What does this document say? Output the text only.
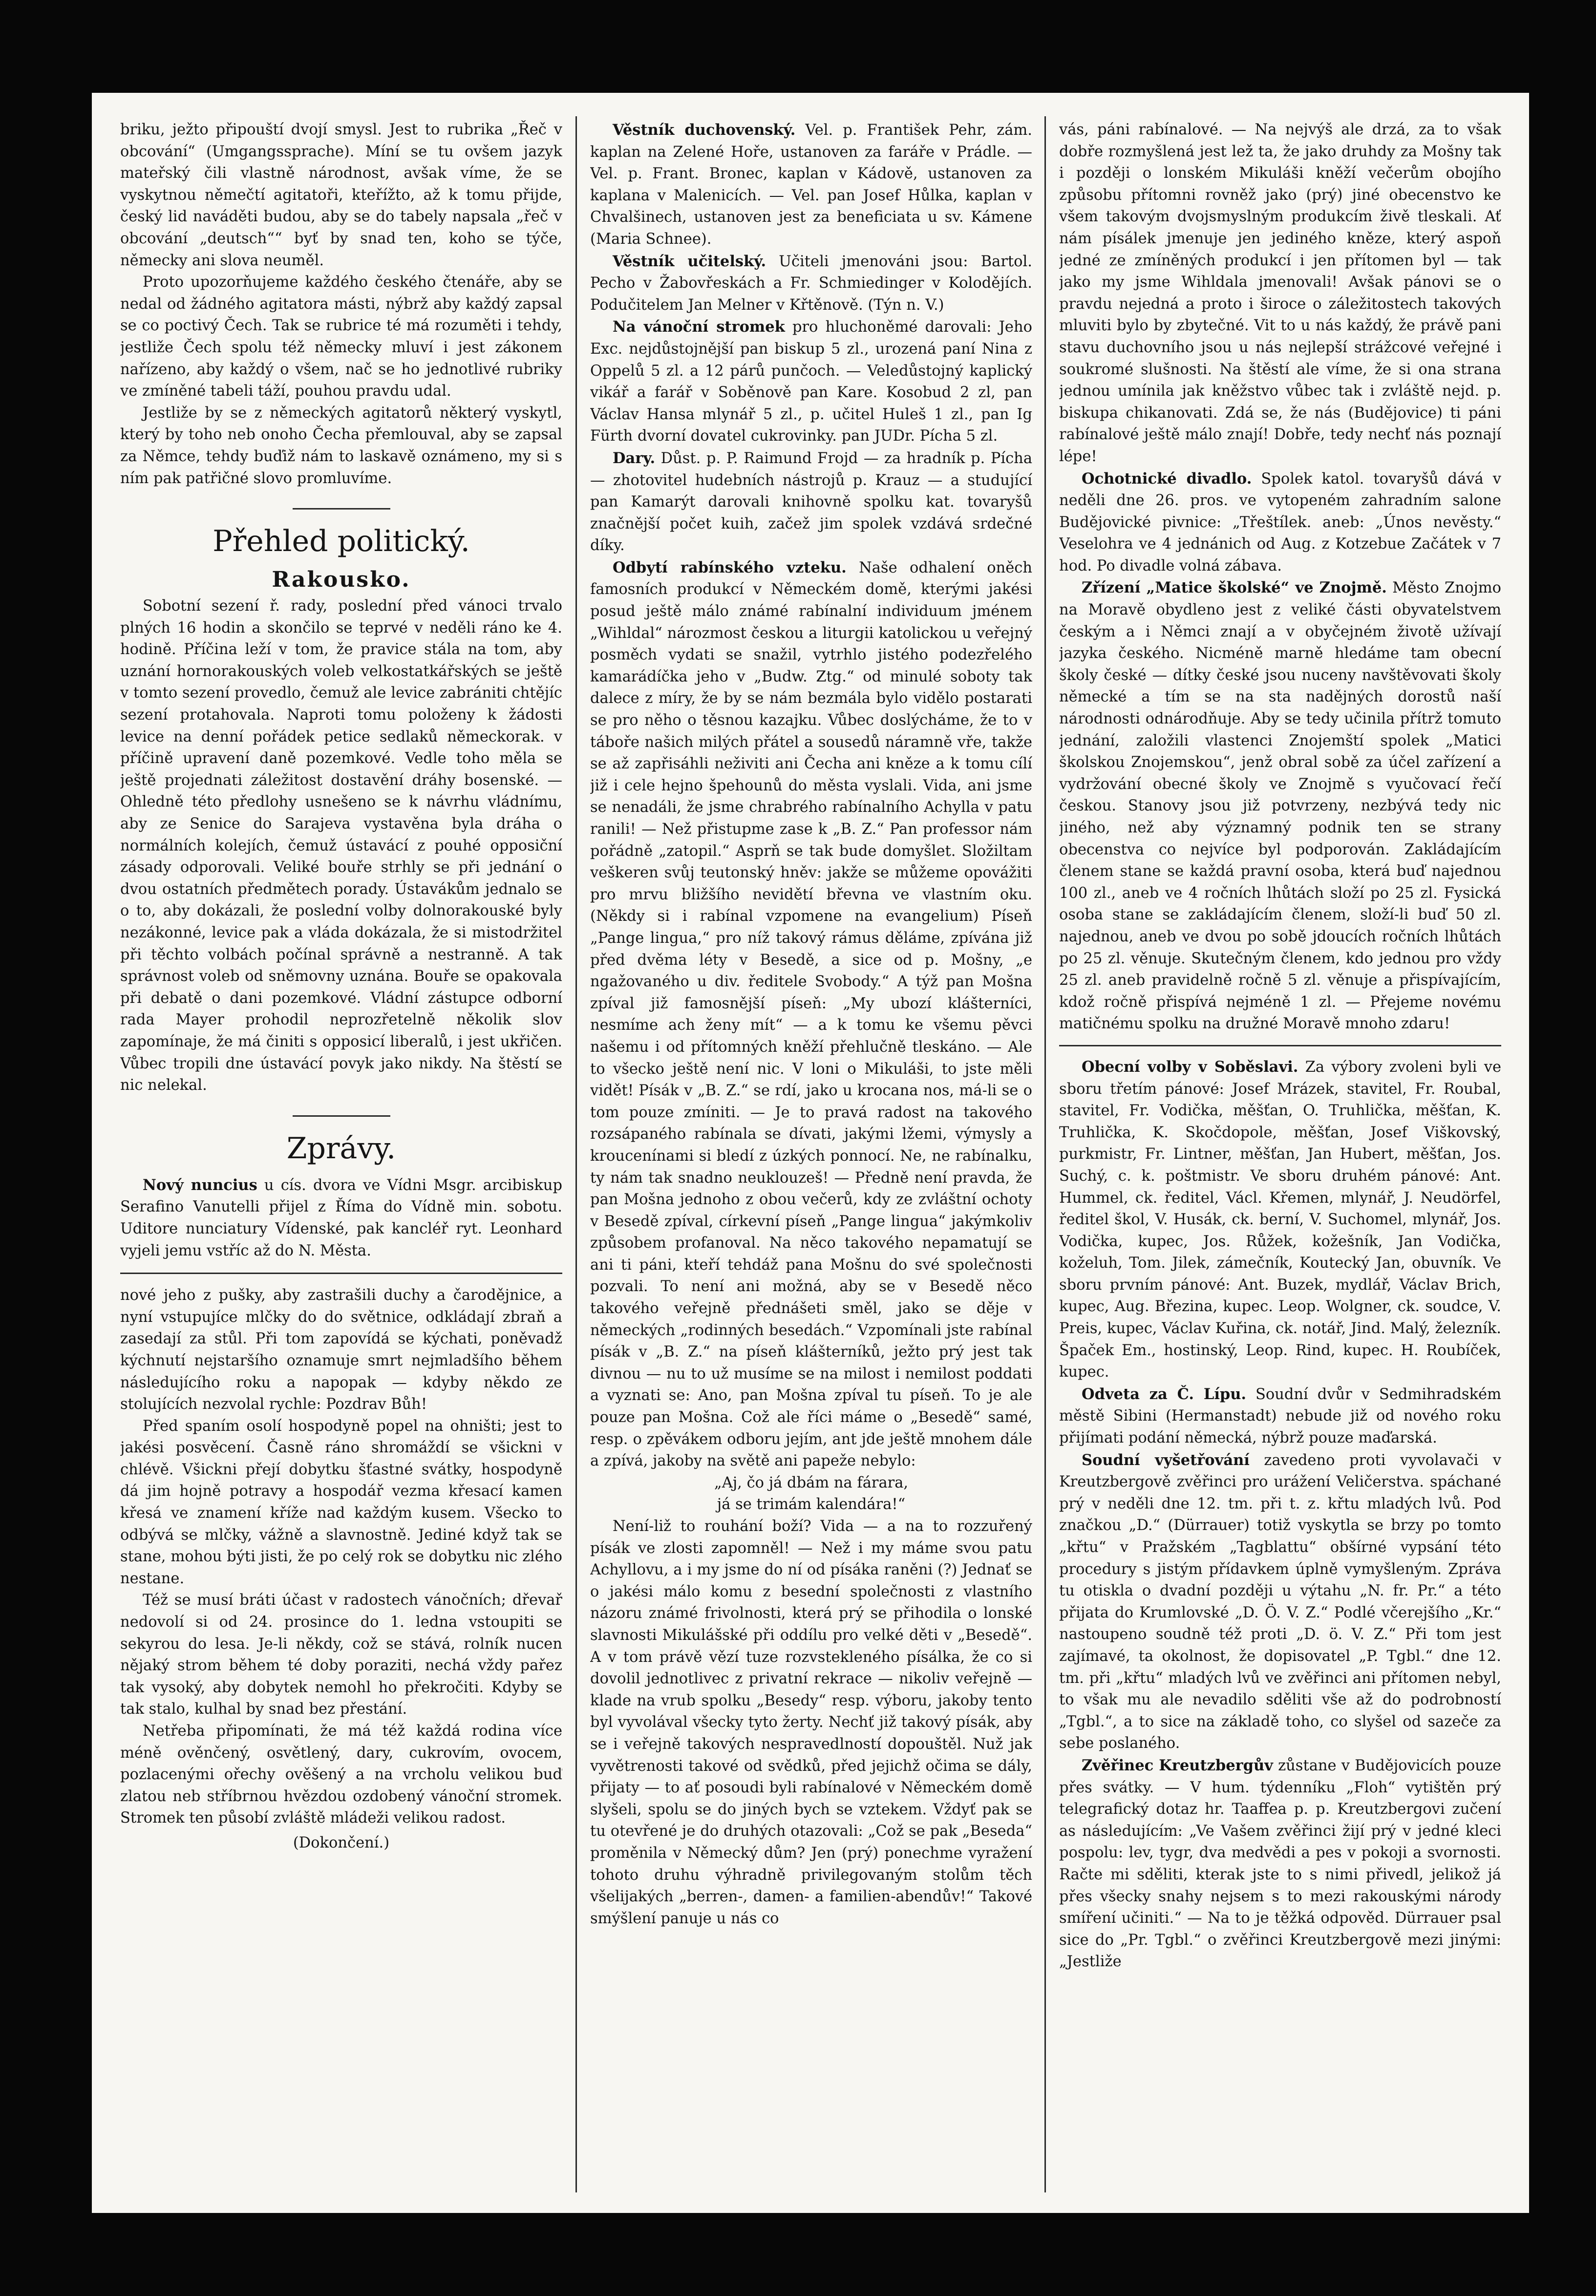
briku, ježto připouští dvojí smysl. Jest to rubrika „Řeč v obcování“ (Umgangssprache). Míní se tu ovšem jazyk mateřský čili vlastně národnost, avšak víme, že se vyskytnou němečtí agitatoři, kteřížto, až k tomu přijde, český lid naváděti budou, aby se do tabely napsala „řeč v obcování „deutsch““ byť by snad ten, koho se týče, německy ani slova neuměl.

Proto upozorňujeme každého českého čtenáře, aby se nedal od žádného agitatora másti, nýbrž aby každý zapsal se co poctivý Čech. Tak se rubrice té má rozuměti i tehdy, jestliže Čech spolu též německy mluví i jest zákonem nařízeno, aby každý o všem, nač se ho jednotlivé rubriky ve zmíněné tabeli táží, pouhou pravdu udal.

Jestliže by se z německých agitatorů některý vyskytl, který by toho neb onoho Čecha přemlouval, aby se zapsal za Němce, tehdy buďiž nám to laskavě oznámeno, my si s ním pak patřičné slovo promluvíme.

Přehled politický.
Rakousko.

Sobotní sezení ř. rady, poslední před vánoci trvalo plných 16 hodin a skončilo se teprvé v neděli ráno ke 4. hodině. Příčina leží v tom, že pravice stála na tom, aby uznání hornorakouských voleb velkostatkářských se ještě v tomto sezení provedlo, čemuž ale levice zabrániti chtějíc sezení protahovala. Naproti tomu položeny k žádosti levice na denní pořádek petice sedlaků německorak. v příčině upravení daně pozemkové. Vedle toho měla se ještě projednati záležitost dostavění dráhy bosenské. — Ohledně této předlohy usnešeno se k návrhu vládnímu, aby ze Senice do Sarajeva vystavěna byla dráha o normálních kolejích, čemuž ústavácí z pouhé opposiční zásady odporovali. Veliké bouře strhly se při jednání o dvou ostatních předmětech porady. Ústavákům jednalo se o to, aby dokázali, že poslední volby dolnorakouské byly nezákonné, levice pak a vláda dokázala, že si mistodržitel při těchto volbách počínal správně a nestranně. A tak správnost voleb od sněmovny uznána. Bouře se opakovala při debatě o dani pozemkové. Vládní zástupce odborní rada Mayer prohodil neprozřetelně několik slov zapomínaje, že má činiti s opposicí liberalů, i jest ukřičen. Vůbec tropili dne ústavácí povyk jako nikdy. Na štěstí se nic nelekal.

Zprávy.

Nový nuncius u cís. dvora ve Vídni Msgr. arcibiskup Serafino Vanutelli přijel z Říma do Vídně min. sobotu. Uditore nunciatury Vídenské, pak kancléř ryt. Leonhard vyjeli jemu vstříc až do N. Města.

nové jeho z pušky, aby zastrašili duchy a čarodějnice, a nyní vstupujíce mlčky do do světnice, odkládají zbraň a zasedají za stůl. Při tom zapovídá se kýchati, poněvadž kýchnutí nejstaršího oznamuje smrt nejmladšího během následujícího roku a napopak — kdyby někdo ze stolujících nezvolal rychle: Pozdrav Bůh!

Před spaním osolí hospodyně popel na ohništi; jest to jakési posvěcení. Časně ráno shromáždí se všickni v chlévě. Všickni přejí dobytku šťastné svátky, hospodyně dá jim hojně potravy a hospodář vezma křesací kamen křesá ve znamení kříže nad každým kusem. Všecko to odbývá se mlčky, vážně a slavnostně. Jediné když tak se stane, mohou býti jisti, že po celý rok se dobytku nic zlého nestane.

Též se musí bráti účast v radostech vánočních; dřevař nedovolí si od 24. prosince do 1. ledna vstoupiti se sekyrou do lesa. Je-li někdy, což se stává, rolník nucen nějaký strom během té doby poraziti, nechá vždy pařez tak vysoký, aby dobytek nemohl ho překročiti. Kdyby se tak stalo, kulhal by snad bez přestání.

Netřeba připomínati, že má též každá rodina více méně ověnčený, osvětlený, dary, cukrovím, ovocem, pozlacenými ořechy ověšený a na vrcholu velikou buď zlatou neb stříbrnou hvězdou ozdobený vánoční stromek. Stromek ten působí zvláště mládeži velikou radost.

(Dokončení.)

Věstník duchovenský. Vel. p. František Pehr, zám. kaplan na Zelené Hoře, ustanoven za faráře v Prádle. — Vel. p. Frant. Bronec, kaplan v Kádově, ustanoven za kaplana v Malenicích. — Vel. pan Josef Hůlka, kaplan v Chvalšinech, ustanoven jest za beneficiata u sv. Kámene (Maria Schnee).

Věstník učitelský. Učiteli jmenováni jsou: Bartol. Pecho v Žabovřeskách a Fr. Schmiedinger v Kolodějích. Podučitelem Jan Melner v Křtěnově. (Týn n. V.)

Na vánoční stromek pro hluchoněmé darovali: Jeho Exc. nejdůstojnější pan biskup 5 zl., urozená paní Nina z Oppelů 5 zl. a 12 párů punčoch. — Veledůstojný kaplický vikář a farář v Soběnově pan Kare. Kosobud 2 zl, pan Václav Hansa mlynář 5 zl., p. učitel Huleš 1 zl., pan Ig Fürth dvorní dovatel cukrovinky. pan JUDr. Pícha 5 zl.

Dary. Důst. p. P. Raimund Frojd — za hradník p. Pícha — zhotovitel hudebních nástrojů p. Krauz — a studující pan Kamarýt darovali knihovně spolku kat. tovaryšů značnější počet kuih, začež jim spolek vzdává srdečné díky.

Odbytí rabínského vzteku. Naše odhalení oněch famosních produkcí v Německém domě, kterými jakési posud ještě málo známé rabínalní individuum jménem „Wihldal“ nározmost českou a liturgii katolickou u veřejný posměch vydati se snažil, vytrhlo jistého podezřelého kamarádíčka jeho v „Budw. Ztg.“ od minulé soboty tak dalece z míry, že by se nám bezmála bylo vidělo postarati se pro něho o těsnou kazajku. Vůbec doslýcháme, že to v táboře našich milých přátel a sousedů náramně vře, takže se až zapřisáhli neživiti ani Čecha ani kněze a k tomu cílí již i cele hejno špehounů do města vyslali. Vida, ani jsme se nenadáli, že jsme chrabrého rabínalního Achylla v patu ranili! — Než přistupme zase k „B. Z.“ Pan professor nám pořádně „zatopil.“ Asprň se tak bude domyšlet. Složiltam veškeren svůj teutonský hněv: jakže se můžeme opovážiti pro mrvu bližšího nevidětí břevna ve vlastním oku. (Někdy si i rabínal vzpomene na evangelium) Píseň „Pange lingua,“ pro níž takový rámus děláme, zpívána již před dvěma léty v Besedě, a sice od p. Mošny, „e ngažovaného u div. ředitele Svobody.“ A týž pan Mošna zpíval již famosnější píseň: „My ubozí klášterníci, nesmíme ach ženy mít“ — a k tomu ke všemu pěvci našemu i od přítomných kněží přehlučně tleskáno. — Ale to všecko ještě není nic. V loni o Mikuláši, to jste měli vidět! Písák v „B. Z.“ se rdí, jako u krocana nos, má-li se o tom pouze zmíniti. — Je to pravá radost na takového rozsápaného rabínala se dívati, jakými lžemi, výmysly a kroucenínami si bledí z úzkých ponnocí. Ne, ne rabínalku, ty nám tak snadno neuklouzeš! — Předně není pravda, že pan Mošna jednoho z obou večerů, kdy ze zvláštní ochoty v Besedě zpíval, církevní píseň „Pange lingua“ jakýmkoliv způsobem profanoval. Na něco takového nepamatují se ani ti páni, kteří tehdáž pana Mošnu do své společnosti pozvali. To není ani možná, aby se v Besedě něco takového veřejně přednášeti směl, jako se děje v německých „rodinných besedách.“ Vzpomínali jste rabínal písák v „B. Z.“ na píseň klášterníků, ježto prý jest tak divnou — nu to už musíme se na milost i nemilost poddati a vyznati se: Ano, pan Mošna zpíval tu píseň. To je ale pouze pan Mošna. Což ale říci máme o „Besedě“ samé, resp. o zpěvákem odboru jejím, ant jde ještě mnohem dále a zpívá, jakoby na světě ani papeže nebylo:

„Aj, čo já dbám na fárara,

já se trimám kalendára!“

Není-liž to rouhání boží? Vida — a na to rozzuřený písák ve zlosti zapomněl! — Než i my máme svou patu Achyllovu, a i my jsme do ní od písáka raněni (?) Jednať se o jakési málo komu z besední společnosti z vlastního názoru známé frivolnosti, která prý se přihodila o lonské slavnosti Mikulášské při oddílu pro velké děti v „Besedě“. A v tom právě vězí tuze rozvstekleného písálka, že co si dovolil jednotlivec z privatní rekrace — nikoliv veřejně — klade na vrub spolku „Besedy“ resp. výboru, jakoby tento byl vyvolával všecky tyto žerty. Nechť již takový písák, aby se i veřejně takových nespravedlností dopouštěl. Nuž jak vyvětrenosti takové od svědků, před jejichž očima se dály, přijaty — to ať posoudi byli rabínalové v Německém domě slyšeli, spolu se do jiných bych se vztekem. Vždyť pak se tu otevřené je do druhých otazovali: „Což se pak „Beseda“ proměnila v Německý dům? Jen (prý) ponechme vyražení tohoto druhu výhradně privilegovaným stolům těch všelijakých „berren-, damen- a familien-abendův!“ Takové smýšlení panuje u nás co

vás, páni rabínalové. — Na nejvýš ale drzá, za to však dobře rozmyšlená jest lež ta, že jako druhdy za Mošny tak i později o lonském Mikuláši kněží večerům obojího způsobu přítomni rovněž jako (prý) jiné obecenstvo ke všem takovým dvojsmyslným produkcím živě tleskali. Ať nám písálek jmenuje jen jediného kněze, který aspoň jedné ze zmíněných produkcí i jen přítomen byl — tak jako my jsme Wihldala jmenovali! Avšak pánovi se o pravdu nejedná a proto i široce o záležitostech takových mluviti bylo by zbytečné. Vit to u nás každý, že právě pani stavu duchovního jsou u nás nejlepší strážcové veřejné i soukromé slušnosti. Na štěstí ale víme, že si ona strana jednou umínila jak kněžstvo vůbec tak i zvláště nejd. p. biskupa chikanovati. Zdá se, že nás (Budějovice) ti páni rabínalové ještě málo znají! Dobře, tedy nechť nás poznají lépe!

Ochotnické divadlo. Spolek katol. tovaryšů dává v neděli dne 26. pros. ve vytopeném zahradním salone Budějovické pivnice: „Třeštílek. aneb: „Únos nevěsty.“ Veselohra ve 4 jednánich od Aug. z Kotzebue Začátek v 7 hod. Po divadle volná zábava.

Zřízení „Matice školské“ ve Znojmě. Město Znojmo na Moravě obydleno jest z veliké části obyvatelstvem českým a i Němci znají a v obyčejném životě užívají jazyka českého. Nicméně marně hledáme tam obecní školy české — dítky české jsou nuceny navštěvovati školy německé a tím se na sta nadějných dorostů naší národnosti odnárodňuje. Aby se tedy učinila přítrž tomuto jednání, založili vlastenci Znojemští spolek „Matici školskou Znojemskou“, jenž obral sobě za účel zařízení a vydržování obecné školy ve Znojmě s vyučovací řečí českou. Stanovy jsou již potvrzeny, nezbývá tedy nic jiného, než aby významný podnik ten se strany obecenstva co nejvíce byl podporován. Zakládajícím členem stane se každá pravní osoba, která buď najednou 100 zl., aneb ve 4 ročních lhůtách složí po 25 zl. Fysická osoba stane se zakládajícím členem, složí-li buď 50 zl. najednou, aneb ve dvou po sobě jdoucích ročních lhůtách po 25 zl. věnuje. Skutečným členem, kdo jednou pro vždy 25 zl. aneb pravidelně ročně 5 zl. věnuje a přispívajícím, kdož ročně přispívá nejméně 1 zl. — Přejeme novému matičnému spolku na družné Moravě mnoho zdaru!

Obecní volby v Soběslavi. Za výbory zvoleni byli ve sboru třetím pánové: Josef Mrázek, stavitel, Fr. Roubal, stavitel, Fr. Vodička, měšťan, O. Truhlička, měšťan, K. Truhlička, K. Skočdopole, měšťan, Josef Viškovský, purkmistr, Fr. Lintner, měšťan, Jan Hubert, měšťan, Jos. Suchý, c. k. poštmistr. Ve sboru druhém pánové: Ant. Hummel, ck. ředitel, Václ. Křemen, mlynář, J. Neudörfel, ředitel škol, V. Husák, ck. berní, V. Suchomel, mlynář, Jos. Vodička, kupec, Jos. Růžek, kožešník, Jan Vodička, koželuh, Tom. Jilek, zámečník, Koutecký Jan, obuvník. Ve sboru prvním pánové: Ant. Buzek, mydlář, Václav Brich, kupec, Aug. Březina, kupec. Leop. Wolgner, ck. soudce, V. Preis, kupec, Václav Kuřina, ck. notář, Jind. Malý, železník. Špaček Em., hostinský, Leop. Rind, kupec. H. Roubíček, kupec.

Odveta za Č. Lípu. Soudní dvůr v Sedmihradském městě Sibini (Hermanstadt) nebude již od nového roku přijímati podání německá, nýbrž pouze maďarská.

Soudní vyšetřování zavedeno proti vyvolavači v Kreutzbergově zvěřinci pro urážení Veličerstva. spáchané prý v neděli dne 12. tm. při t. z. křtu mladých lvů. Pod značkou „D.“ (Dürrauer) totiž vyskytla se brzy po tomto „křtu“ v Pražském „Tagblattu“ obšírné vypsání této procedury s jistým přídavkem úplně vymyšleným. Zpráva tu otiskla o dvadní později u výtahu „N. fr. Pr.“ a této přijata do Krumlovské „D. Ö. V. Z.“ Podlé včerejšího „Kr.“ nastoupeno soudně též proti „D. ö. V. Z.“ Při tom jest zajímavé, ta okolnost, že dopisovatel „P. Tgbl.“ dne 12. tm. při „křtu“ mladých lvů ve zvěřinci ani přítomen nebyl, to však mu ale nevadilo sděliti vše až do podrobností „Tgbl.“, a to sice na základě toho, co slyšel od sazeče za sebe poslaného.

Zvěřinec Kreutzbergův zůstane v Budějovicích pouze přes svátky. — V hum. týdenníku „Floh“ vytištěn prý telegrafický dotaz hr. Taaffea p. p. Kreutzbergovi zučení as následujícím: „Ve Vašem zvěřinci žijí prý v jedné kleci pospolu: lev, tygr, dva medvědi a pes v pokoji a svornosti. Račte mi sděliti, kterak jste to s nimi přivedl, jelikož já přes všecky snahy nejsem s to mezi rakouskými národy smíření učiniti.“ — Na to je těžká odpověd. Dürrauer psal sice do „Pr. Tgbl.“ o zvěřinci Kreutzbergově mezi jinými: „Jestliže
